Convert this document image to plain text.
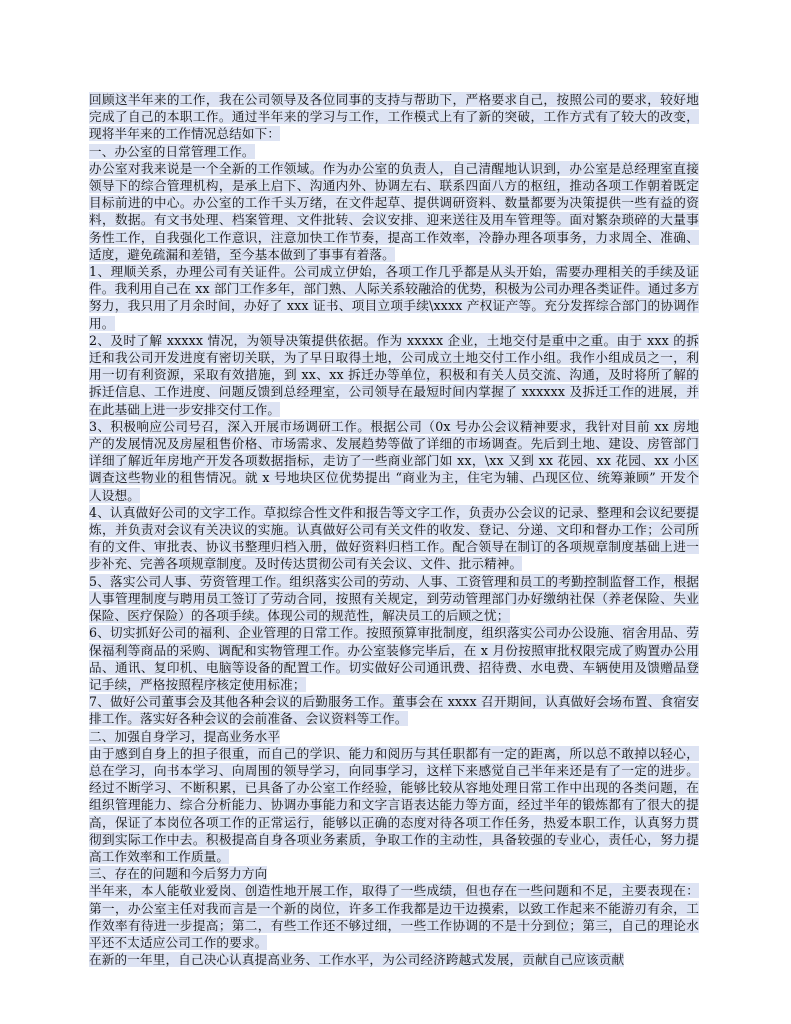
回顾这半年来的工作，我在公司领导及各位同事的支持与帮助下，严格要求自己，按照公司的要求，较好地完成了自己的本职工作。通过半年来的学习与工作，工作模式上有了新的突破，工作方式有了较大的改变，现将半年来的工作情况总结如下：

一、办公室的日常管理工作。

办公室对我来说是一个全新的工作领域。作为办公室的负责人，自己清醒地认识到，办公室是总经理室直接领导下的综合管理机构，是承上启下、沟通内外、协调左右、联系四面八方的枢纽，推动各项工作朝着既定目标前进的中心。办公室的工作千头万绪，在文件起草、提供调研资料、数量都要为决策提供一些有益的资料，数据。有文书处理、档案管理、文件批转、会议安排、迎来送往及用车管理等。面对繁杂琐碎的大量事务性工作，自我强化工作意识，注意加快工作节奏，提高工作效率，冷静办理各项事务，力求周全、准确、适度，避免疏漏和差错，至今基本做到了事事有着落。

1、理顺关系，办理公司有关证件。公司成立伊始，各项工作几乎都是从头开始，需要办理相关的手续及证件。我利用自己在 xx 部门工作多年，部门熟、人际关系较融洽的优势，积极为公司办理各类证件。通过多方努力，我只用了月余时间，办好了 xxx 证书、项目立项手续\xxxx 产权证产等。充分发挥综合部门的协调作用。

2、及时了解 xxxxx 情况，为领导决策提供依据。作为 xxxxx 企业，土地交付是重中之重。由于 xxx 的拆迁和我公司开发进度有密切关联，为了早日取得土地，公司成立土地交付工作小组。我作小组成员之一，利用一切有利资源，采取有效措施，到 xx、xx 拆迁办等单位，积极和有关人员交流、沟通，及时将所了解的拆迁信息、工作进度、问题反馈到总经理室，公司领导在最短时间内掌握了 xxxxxx 及拆迁工作的进展，并在此基础上进一步安排交付工作。

3、积极响应公司号召，深入开展市场调研工作。根据公司（0x 号办公会议精神要求，我针对目前 xx 房地产的发展情况及房屋租售价格、市场需求、发展趋势等做了详细的市场调查。先后到土地、建设、房管部门详细了解近年房地产开发各项数据指标，走访了一些商业部门如 xx，\xx 又到 xx 花园、xx 花园、xx 小区调查这些物业的租售情况。就 x 号地块区位优势提出 “商业为主，住宅为辅、凸现区位、统筹兼顾” 开发个人设想。

4、认真做好公司的文字工作。草拟综合性文件和报告等文字工作，负责办公会议的记录、整理和会议纪要提炼，并负责对会议有关决议的实施。认真做好公司有关文件的收发、登记、分递、文印和督办工作；公司所有的文件、审批表、协议书整理归档入册，做好资料归档工作。配合领导在制订的各项规章制度基础上进一步补充、完善各项规章制度。及时传达贯彻公司有关会议、文件、批示精神。

5、落实公司人事、劳资管理工作。组织落实公司的劳动、人事、工资管理和员工的考勤控制监督工作，根据人事管理制度与聘用员工签订了劳动合同，按照有关规定，到劳动管理部门办好缴纳社保（养老保险、失业保险、医疗保险）的各项手续。体现公司的规范性，解决员工的后顾之忧；

6、切实抓好公司的福利、企业管理的日常工作。按照预算审批制度，组织落实公司办公设施、宿舍用品、劳保福利等商品的采购、调配和实物管理工作。办公室装修完毕后，在 x 月份按照审批权限完成了购置办公用品、通讯、复印机、电脑等设备的配置工作。切实做好公司通讯费、招待费、水电费、车辆使用及馈赠品登记手续，严格按照程序核定使用标准；

7、做好公司董事会及其他各种会议的后勤服务工作。董事会在 xxxx 召开期间，认真做好会场布置、食宿安排工作。落实好各种会议的会前准备、会议资料等工作。

二、加强自身学习，提高业务水平

由于感到自身上的担子很重，而自己的学识、能力和阅历与其任职都有一定的距离，所以总不敢掉以轻心，总在学习，向书本学习、向周围的领导学习，向同事学习，这样下来感觉自己半年来还是有了一定的进步。经过不断学习、不断积累，已具备了办公室工作经验，能够比较从容地处理日常工作中出现的各类问题，在组织管理能力、综合分析能力、协调办事能力和文字言语表达能力等方面，经过半年的锻炼都有了很大的提高，保证了本岗位各项工作的正常运行，能够以正确的态度对待各项工作任务，热爱本职工作，认真努力贯彻到实际工作中去。积极提高自身各项业务素质，争取工作的主动性，具备较强的专业心，责任心，努力提高工作效率和工作质量。

三、存在的问题和今后努力方向

半年来，本人能敬业爱岗、创造性地开展工作，取得了一些成绩，但也存在一些问题和不足，主要表现在：第一，办公室主任对我而言是一个新的岗位，许多工作我都是边干边摸索，以致工作起来不能游刃有余，工作效率有待进一步提高；第二，有些工作还不够过细，一些工作协调的不是十分到位；第三，自己的理论水平还不太适应公司工作的要求。

在新的一年里，自己决心认真提高业务、工作水平，为公司经济跨越式发展，贡献自己应该贡献
